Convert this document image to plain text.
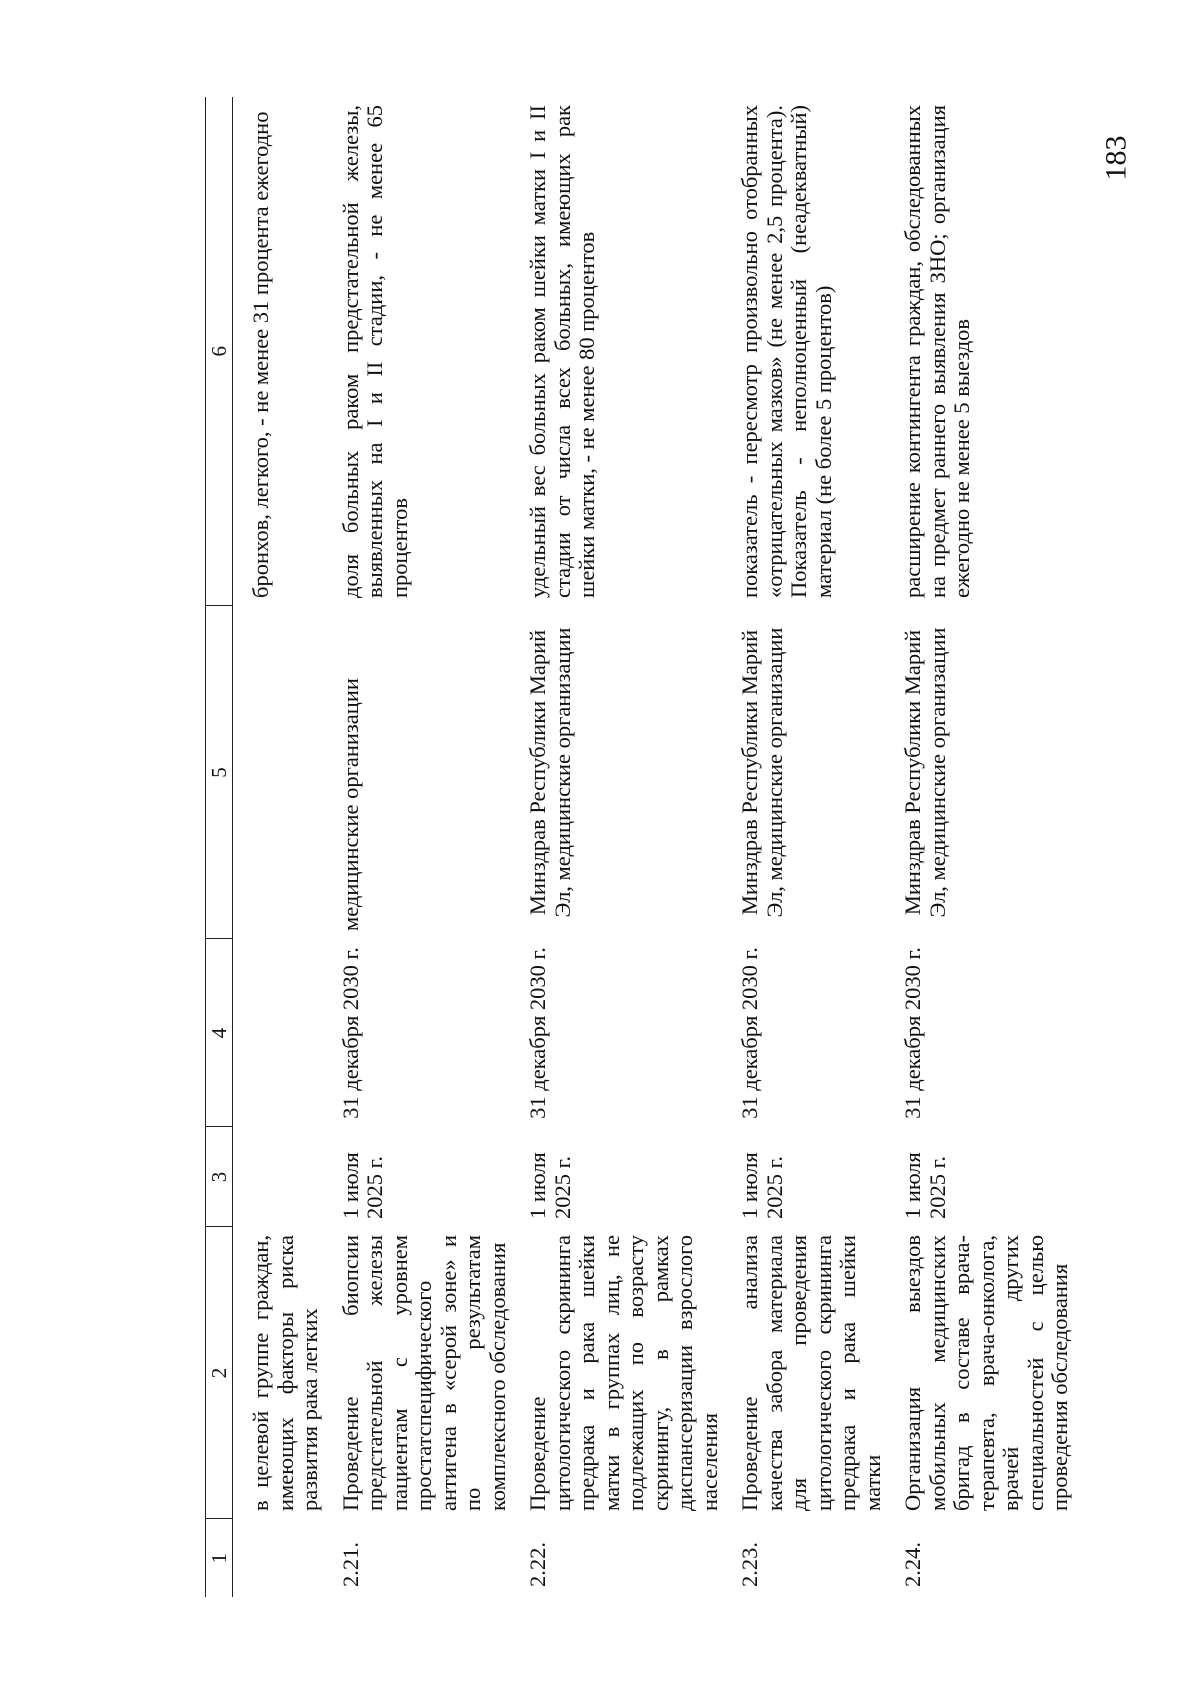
183
1	2	3	4	5	6
	в целевой группе граждан, имеющих факторы риска развития рака легких				бронхов, легкого, - не менее 31 процента ежегодно
2.21.	Проведение биопсии предстательной железы пациентам с уровнем простатспецифического антигена в «серой зоне» и по результатам комплексного обследования	1 июля 2025 г.	31 декабря 2030 г.	медицинские организации	доля больных раком предстательной железы, выявленных на I и II стадии, - не менее 65 процентов
2.22.	Проведение цитологического скрининга предрака и рака шейки матки в группах лиц, не подлежащих по возрасту скринингу, в рамках диспансеризации взрослого населения	1 июля 2025 г.	31 декабря 2030 г.	Минздрав Республики Марий Эл, медицинские организации	удельный вес больных раком шейки матки I и II стадии от числа всех больных, имеющих рак шейки матки, - не менее 80 процентов
2.23.	Проведение анализа качества забора материала для проведения цитологического скрининга предрака и рака шейки матки	1 июля 2025 г.	31 декабря 2030 г.	Минздрав Республики Марий Эл, медицинские организации	показатель - пересмотр произвольно отобранных «отрицательных мазков» (не менее 2,5 процента). Показатель - неполноценный (неадекватный) материал (не более 5 процентов)
2.24.	Организация выездов мобильных медицинских бригад в составе врача-терапевта, врача-онколога, врачей других специальностей с целью проведения обследования	1 июля 2025 г.	31 декабря 2030 г.	Минздрав Республики Марий Эл, медицинские организации	расширение контингента граждан, обследованных на предмет раннего выявления ЗНО; организация ежегодно не менее 5 выездов
